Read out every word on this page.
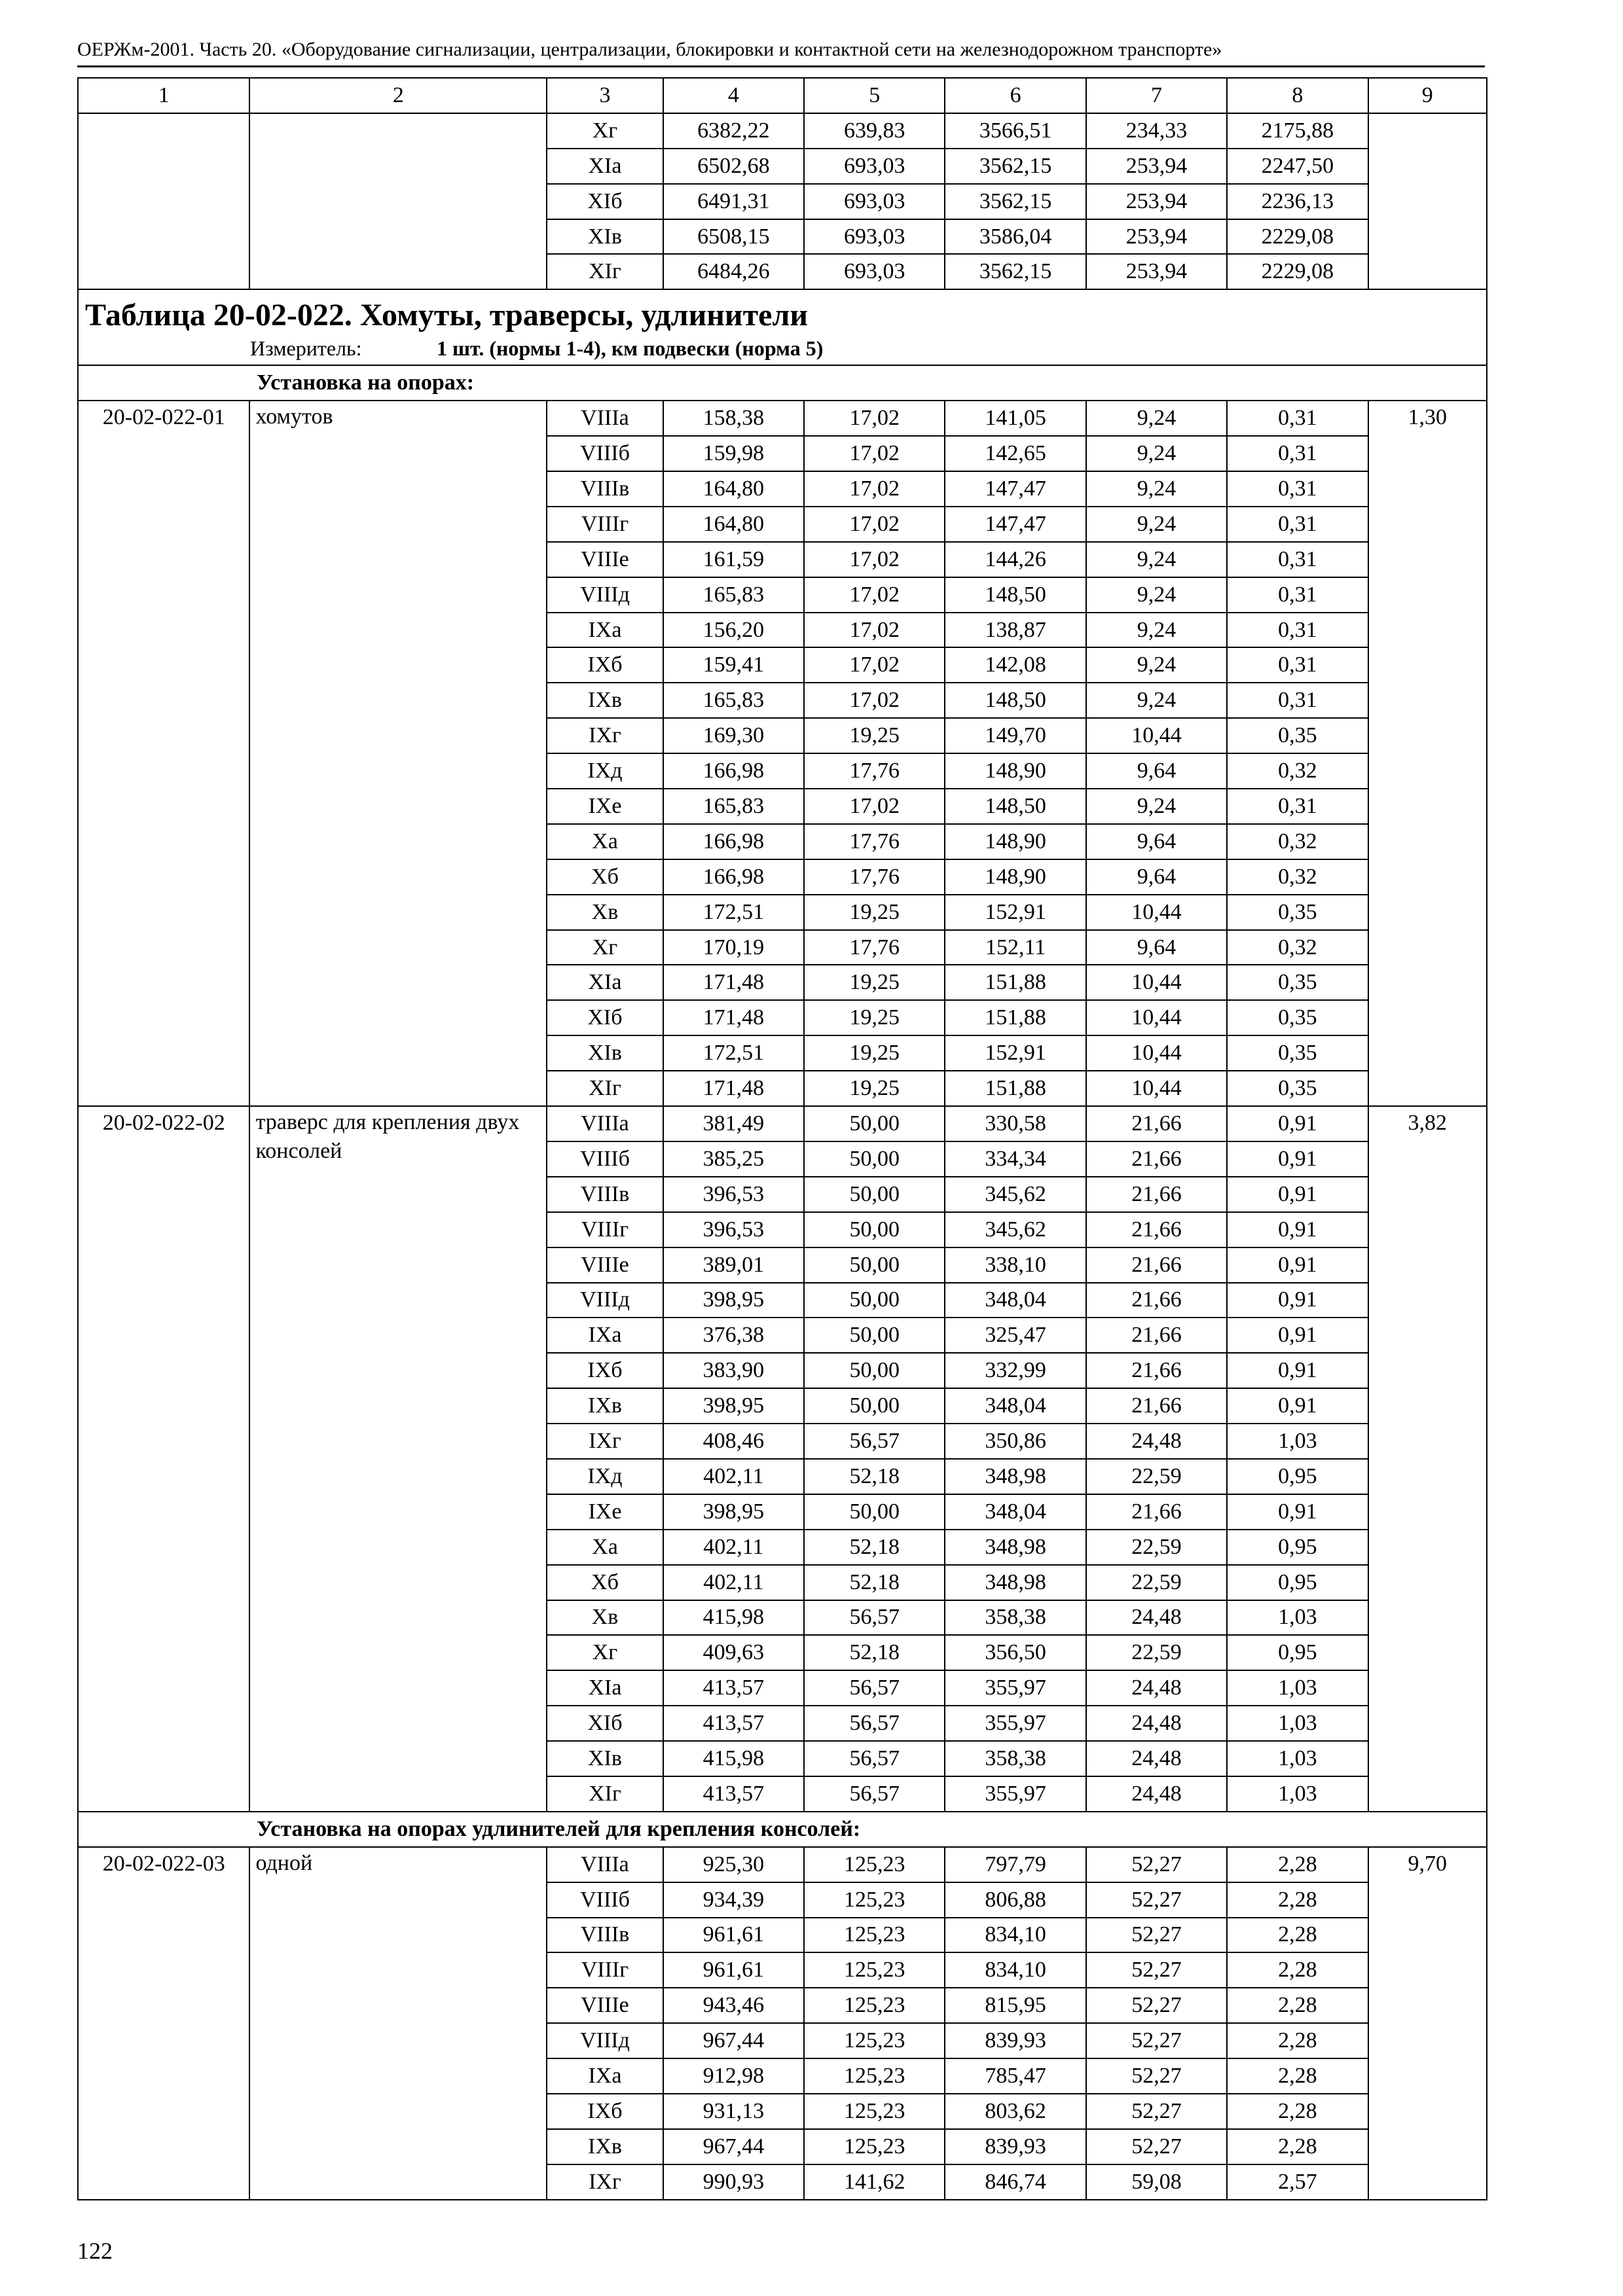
ОЕРЖм-2001. Часть 20. «Оборудование сигнализации, централизации, блокировки и контактной сети на железнодорожном транспорте»
1	2	3	4	5	6	7	8	9
		Xг	6382,22	639,83	3566,51	234,33	2175,88	
		XIа	6502,68	693,03	3562,15	253,94	2247,50	
		XIб	6491,31	693,03	3562,15	253,94	2236,13	
		XIв	6508,15	693,03	3586,04	253,94	2229,08	
		XIг	6484,26	693,03	3562,15	253,94	2229,08	

Таблица 20-02-022. Хомуты, траверсы, удлинители
Измеритель: 1 шт. (нормы 1-4), км подвески (норма 5)								

Установка на опорах:								
20-02-022-01	хомутов	VIIIа	158,38	17,02	141,05	9,24	0,31	1,30
		VIIIб	159,98	17,02	142,65	9,24	0,31	
		VIIIв	164,80	17,02	147,47	9,24	0,31	
		VIIIг	164,80	17,02	147,47	9,24	0,31	
		VIIIе	161,59	17,02	144,26	9,24	0,31	
		VIIIд	165,83	17,02	148,50	9,24	0,31	
		IXа	156,20	17,02	138,87	9,24	0,31	
		IXб	159,41	17,02	142,08	9,24	0,31	
		IXв	165,83	17,02	148,50	9,24	0,31	
		IXг	169,30	19,25	149,70	10,44	0,35	
		IXд	166,98	17,76	148,90	9,64	0,32	
		IXе	165,83	17,02	148,50	9,24	0,31	
		Xа	166,98	17,76	148,90	9,64	0,32	
		Xб	166,98	17,76	148,90	9,64	0,32	
		Xв	172,51	19,25	152,91	10,44	0,35	
		Xг	170,19	17,76	152,11	9,64	0,32	
		XIа	171,48	19,25	151,88	10,44	0,35	
		XIб	171,48	19,25	151,88	10,44	0,35	
		XIв	172,51	19,25	152,91	10,44	0,35	
		XIг	171,48	19,25	151,88	10,44	0,35	
20-02-022-02	траверс для крепления двух консолей	VIIIа	381,49	50,00	330,58	21,66	0,91	3,82
		VIIIб	385,25	50,00	334,34	21,66	0,91	
		VIIIв	396,53	50,00	345,62	21,66	0,91	
		VIIIг	396,53	50,00	345,62	21,66	0,91	
		VIIIе	389,01	50,00	338,10	21,66	0,91	
		VIIIд	398,95	50,00	348,04	21,66	0,91	
		IXа	376,38	50,00	325,47	21,66	0,91	
		IXб	383,90	50,00	332,99	21,66	0,91	
		IXв	398,95	50,00	348,04	21,66	0,91	
		IXг	408,46	56,57	350,86	24,48	1,03	
		IXд	402,11	52,18	348,98	22,59	0,95	
		IXе	398,95	50,00	348,04	21,66	0,91	
		Xа	402,11	52,18	348,98	22,59	0,95	
		Xб	402,11	52,18	348,98	22,59	0,95	
		Xв	415,98	56,57	358,38	24,48	1,03	
		Xг	409,63	52,18	356,50	22,59	0,95	
		XIа	413,57	56,57	355,97	24,48	1,03	
		XIб	413,57	56,57	355,97	24,48	1,03	
		XIв	415,98	56,57	358,38	24,48	1,03	
		XIг	413,57	56,57	355,97	24,48	1,03	
Установка на опорах удлинителей для крепления консолей:								
20-02-022-03	одной	VIIIа	925,30	125,23	797,79	52,27	2,28	9,70
		VIIIб	934,39	125,23	806,88	52,27	2,28	
		VIIIв	961,61	125,23	834,10	52,27	2,28	
		VIIIг	961,61	125,23	834,10	52,27	2,28	
		VIIIе	943,46	125,23	815,95	52,27	2,28	
		VIIIд	967,44	125,23	839,93	52,27	2,28	
		IXа	912,98	125,23	785,47	52,27	2,28	
		IXб	931,13	125,23	803,62	52,27	2,28	
		IXв	967,44	125,23	839,93	52,27	2,28	
		IXг	990,93	141,62	846,74	59,08	2,57	
122
